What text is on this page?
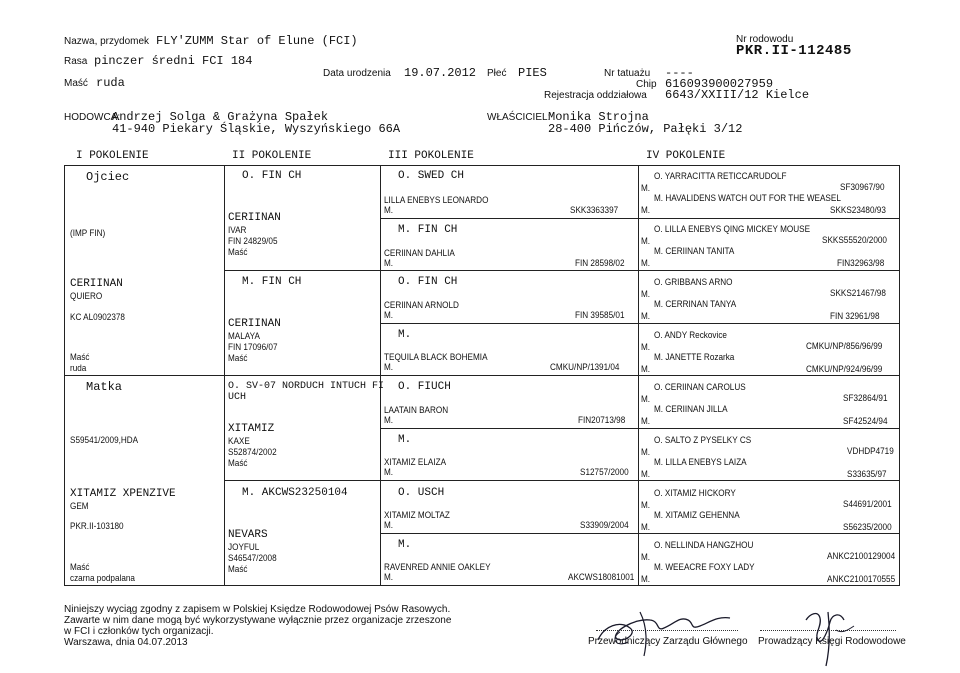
Nazwa, przydomek FLY'ZUMM Star of Elune (FCI)
Rasa pinczer średni FCI 184
Maść ruda
Data urodzenia 19.07.2012 Płeć PIES	Nr tatuażu ----
Chip 616093900027959
Rejestracja oddziałowa 6643/XXIII/12 Kielce
Nr rodowodu
PKR.II-112485
HODOWCA:
Andrzej Solga & Grażyna Spałek
41-940 Piekary Śląskie, Wyszyńskiego 66A
WŁAŚCICIEL:
Monika Strojna
28-400 Pińczów, Pałęki 3/12
I POKOLENIE	II POKOLENIE	III POKOLENIE	IV POKOLENIE
Ojciec
(IMP FIN)
CERIINAN
QUIERO
KC AL0902378
Maść
ruda
Matka
S59541/2009,HDA
XITAMIZ XPENZIVE
GEM
PKR.II-103180
Maść
czarna podpalana
O. FIN CH
CERIINAN
IVAR
FIN 24829/05
Maść
M. FIN CH
CERIINAN
MALAYA
FIN 17096/07
Maść
O. SV-07 NORDUCH INTUCH FI
UCH
XITAMIZ
KAXE
S52874/2002
Maść
M. AKCWS23250104
NEVARS
JOYFUL
S46547/2008
Maść
O. SWED CH
LILLA ENEBYS LEONARDO
M.	SKK3363397
M. FIN CH
CERIINAN DAHLIA
M.	FIN 28598/02
O. FIN CH
CERIINAN ARNOLD
M.	FIN 39585/01
M.
TEQUILA BLACK BOHEMIA
M.	CMKU/NP/1391/04
O. FIUCH
LAATAIN BARON
M.	FIN20713/98
M.
XITAMIZ ELAIZA
M.	S12757/2000
O. USCH
XITAMIZ MOLTAZ
M.	S33909/2004
M.
RAVENRED ANNIE OAKLEY
M.	AKCWS18081001
O. YARRACITTA RETICCARUDOLF
M.	SF30967/90
M. HAVALIDENS WATCH OUT FOR THE WEASEL
M.	SKKS23480/93
O. LILLA ENEBYS QING MICKEY MOUSE
M.	SKKS55520/2000
M. CERIINAN TANITA
M.	FIN32963/98
O. GRIBBANS ARNO
M.	SKKS21467/98
M. CERRINAN TANYA
M.	FIN 32961/98
O. ANDY Reckovice
M.	CMKU/NP/856/96/99
M. JANETTE Rozarka
M.	CMKU/NP/924/96/99
O. CERIINAN CAROLUS
M.	SF32864/91
M. CERIINAN JILLA
M.	SF42524/94
O. SALTO Z PYSELKY CS
M.	VDHDP4719
M. LILLA ENEBYS LAIZA
M.	S33635/97
O. XITAMIZ HICKORY
M.	S44691/2001
M. XITAMIZ GEHENNA
M.	S56235/2000
O. NELLINDA HANGZHOU
M.	ANKC2100129004
M. WEEACRE FOXY LADY
M.	ANKC2100170555
Niniejszy wyciąg zgodny z zapisem w Polskiej Księdze Rodowodowej Psów Rasowych.
Zawarte w nim dane mogą być wykorzystywane wyłącznie przez organizacje zrzeszone
w FCI i członków tych organizacji.
Warszawa, dnia 04.07.2013	Przewodniczący Zarządu Głównego Prowadzący Księgi Rodowodowe
